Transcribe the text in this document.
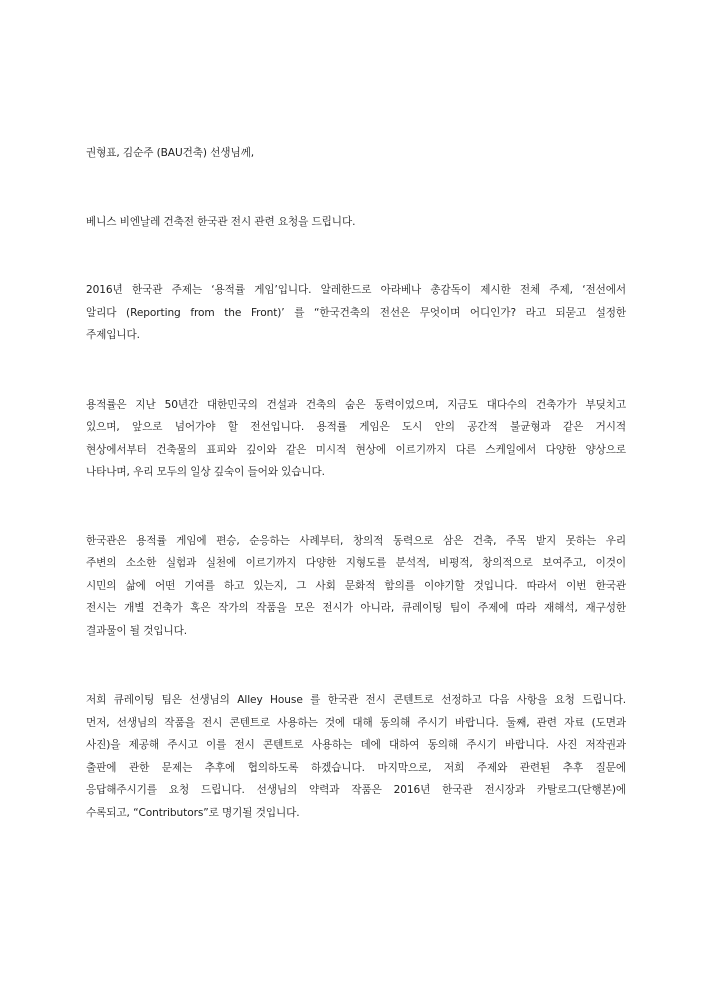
권형표, 김순주 (BAU건축) 선생님께,

베니스 비엔날레 건축전 한국관 전시 관련 요청을 드립니다.

2016년 한국관 주제는 ‘용적률 게임’입니다. 알레한드로 아라베나 총감독이 제시한 전체 주제, ‘전선에서
알리다 (Reporting from the Front)’ 를 “한국건축의 전선은 무엇이며 어디인가? 라고 되묻고 설정한
주제입니다.

용적률은 지난 50년간 대한민국의 건설과 건축의 숨은 동력이었으며, 지금도 대다수의 건축가가 부딪치고
있으며, 앞으로 넘어가야 할 전선입니다. 용적률 게임은 도시 안의 공간적 불균형과 같은 거시적
현상에서부터 건축물의 표피와 깊이와 같은 미시적 현상에 이르기까지 다른 스케일에서 다양한 양상으로
나타나며, 우리 모두의 일상 깊숙이 들어와 있습니다.

한국관은 용적률 게임에 편승, 순응하는 사례부터, 창의적 동력으로 삼은 건축, 주목 받지 못하는 우리
주변의 소소한 실험과 실천에 이르기까지 다양한 지형도를 분석적, 비평적, 창의적으로 보여주고, 이것이
시민의 삶에 어떤 기여를 하고 있는지, 그 사회 문화적 함의를 이야기할 것입니다. 따라서 이번 한국관
전시는 개별 건축가 혹은 작가의 작품을 모은 전시가 아니라, 큐레이팅 팀이 주제에 따라 재해석, 재구성한
결과물이 될 것입니다.

저희 큐레이팅 팀은 선생님의 Alley House 를 한국관 전시 콘텐트로 선정하고 다음 사항을 요청 드립니다.
먼저, 선생님의 작품을 전시 콘텐트로 사용하는 것에 대해 동의해 주시기 바랍니다. 둘째, 관련 자료 (도면과
사진)을 제공해 주시고 이를 전시 콘텐트로 사용하는 데에 대하여 동의해 주시기 바랍니다. 사진 저작권과
출판에 관한 문제는 추후에 협의하도록 하겠습니다. 마지막으로, 저희 주제와 관련된 추후 질문에
응답해주시기를 요청 드립니다. 선생님의 약력과 작품은 2016년 한국관 전시장과 카탈로그(단행본)에
수록되고, “Contributors”로 명기될 것입니다.
